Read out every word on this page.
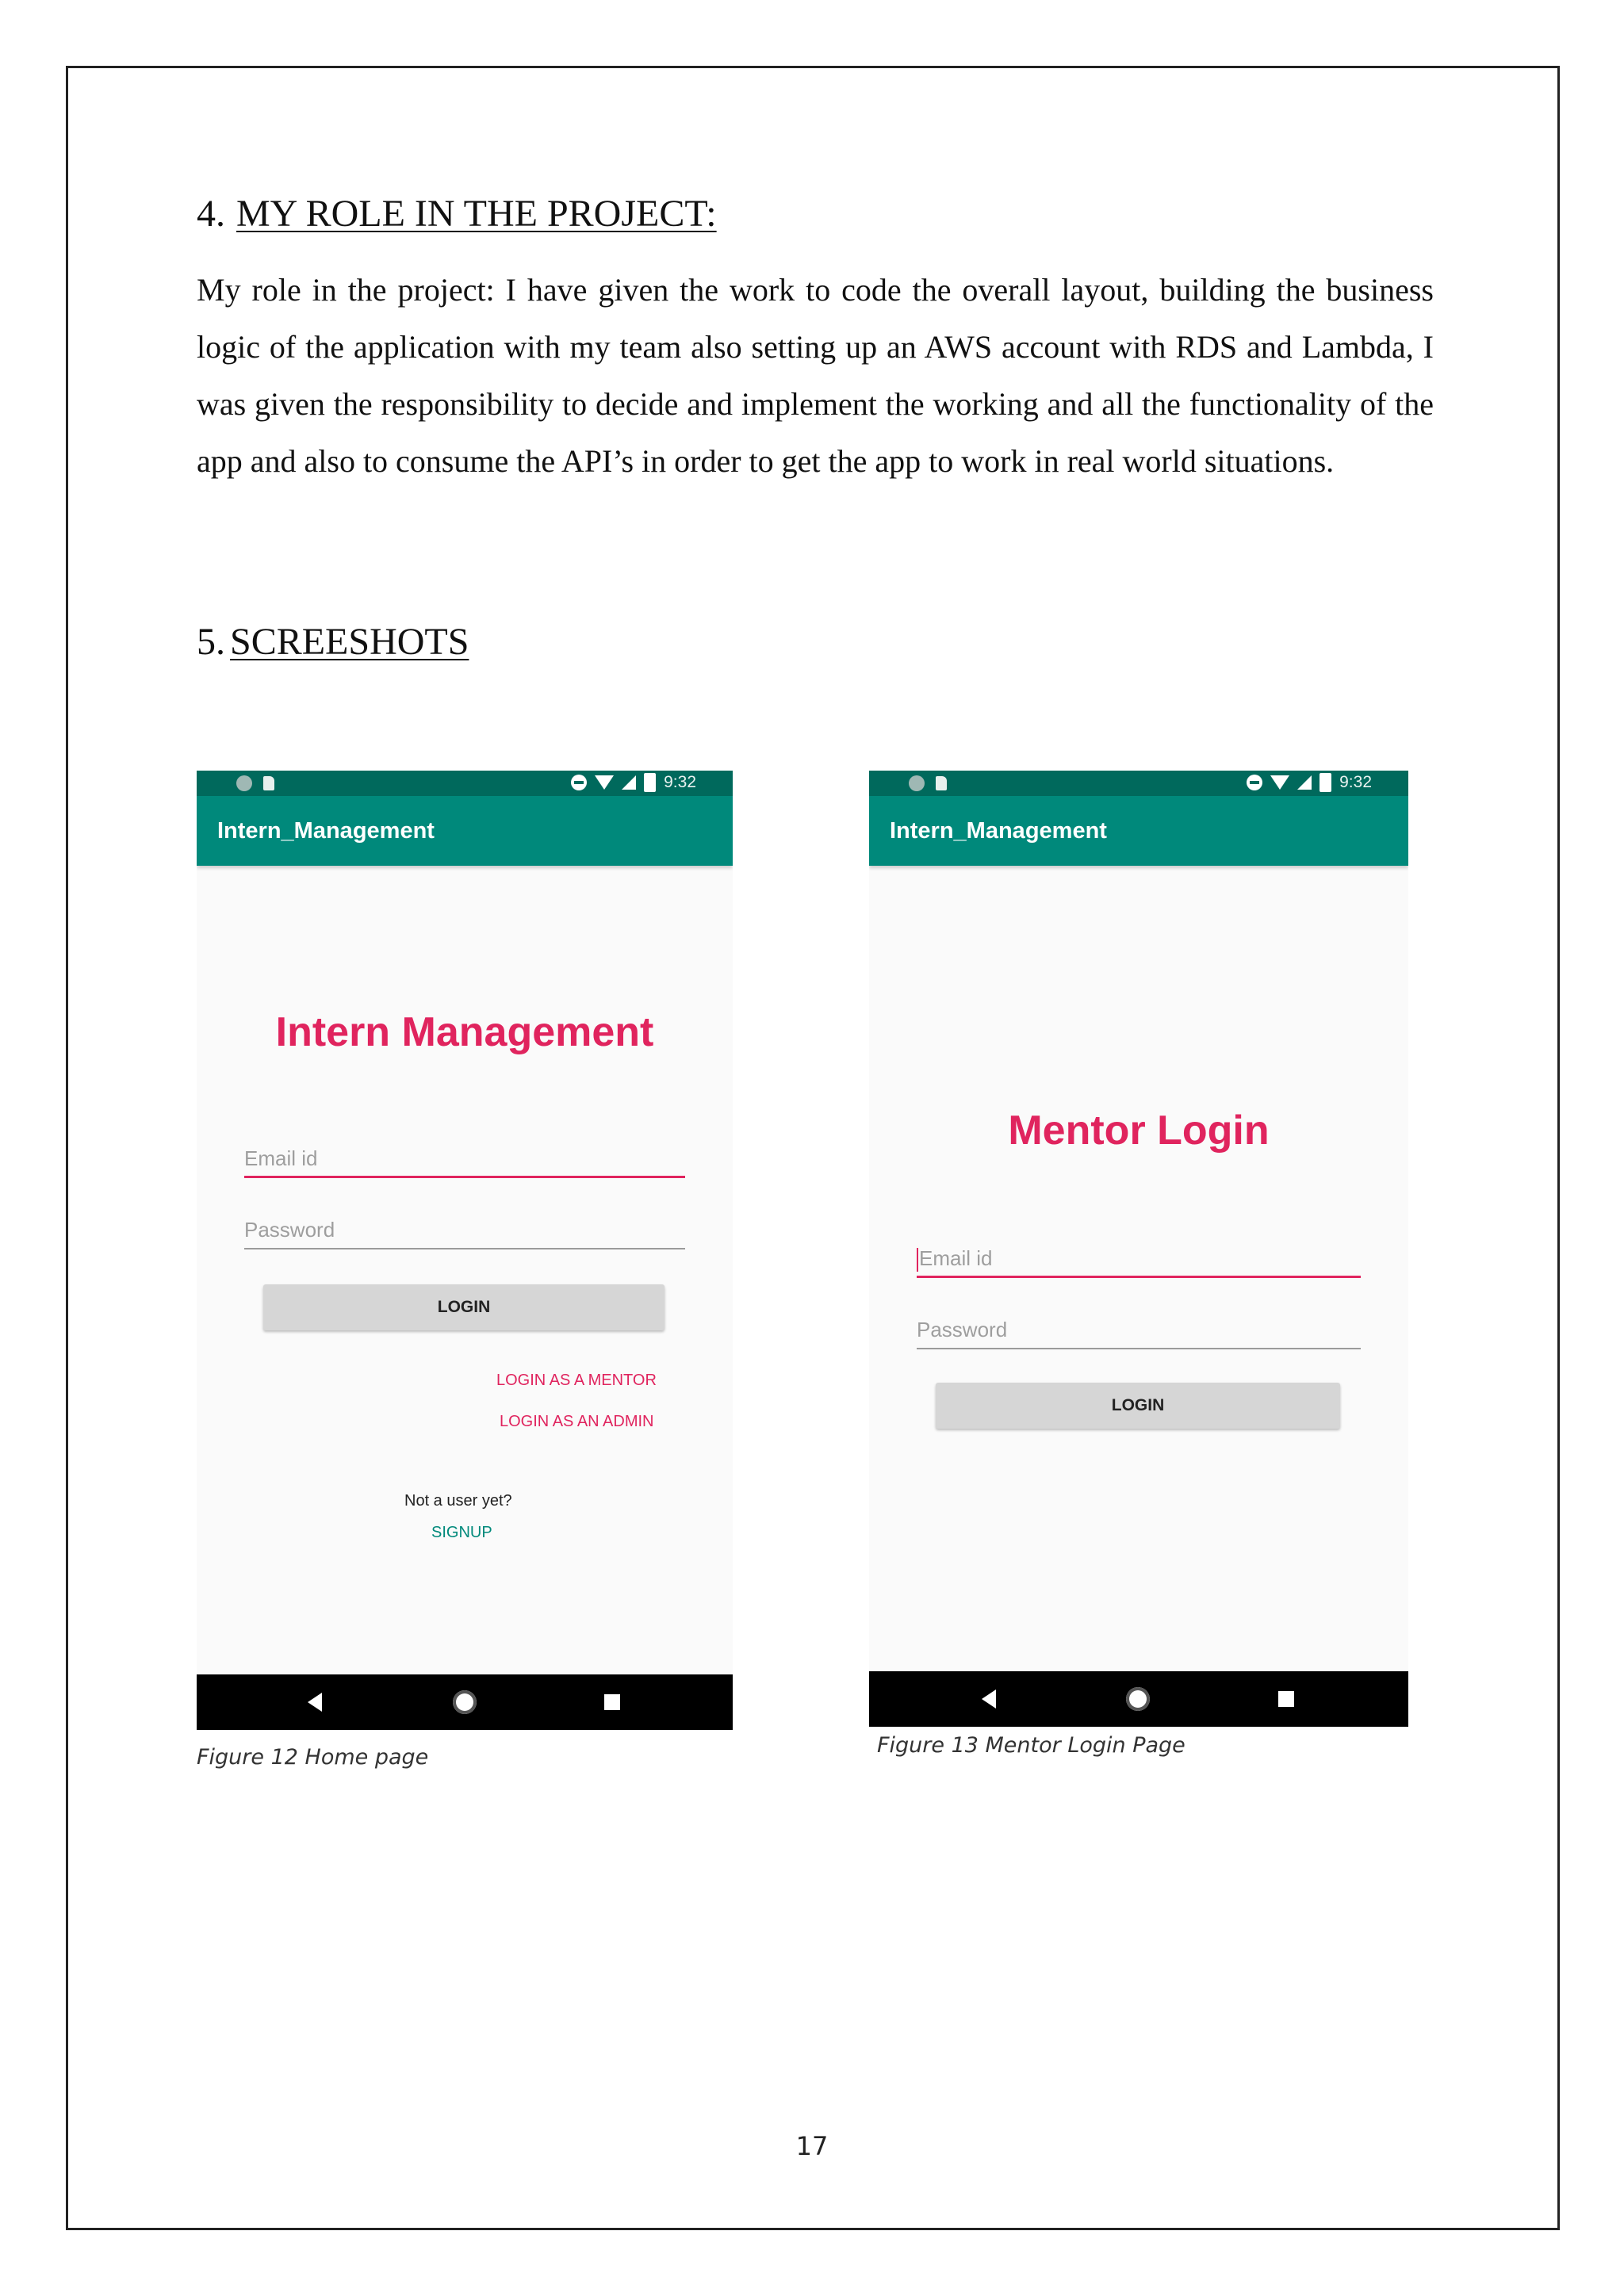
4. MY ROLE IN THE PROJECT:
My role in the project: I have given the work to code the overall layout, building the business logic of the application with my team also setting up an AWS account with RDS and Lambda, I was given the responsibility to decide and implement the working and all the functionality of the app and also to consume the API’s in order to get the app to work in real world situations.
5. SCREESHOTS
9:32
Intern_Management
Intern Management
Email id
Password
LOGIN
LOGIN AS A MENTOR
LOGIN AS AN ADMIN
Not a user yet?
SIGNUP
Figure 12 Home page
9:32
Intern_Management
Mentor Login
Email id
Password
LOGIN
Figure 13 Mentor Login Page
17
